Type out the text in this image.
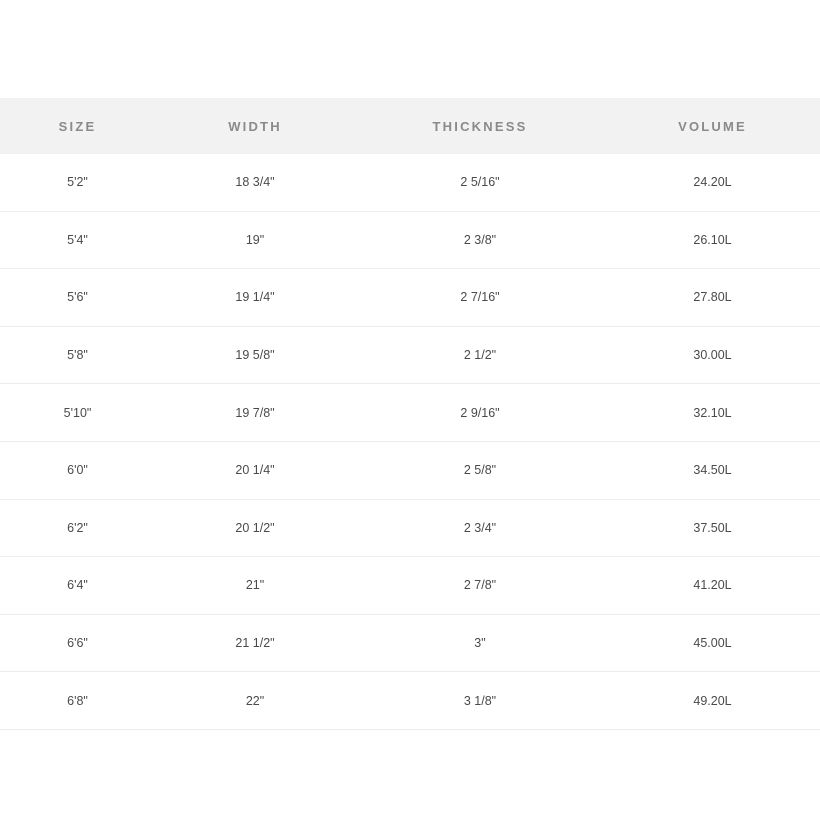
SIZE	WIDTH	THICKNESS	VOLUME
5'2"	18 3/4"	2 5/16"	24.20L
5'4"	19"	2 3/8"	26.10L
5'6"	19 1/4"	2 7/16"	27.80L
5'8"	19 5/8"	2 1/2"	30.00L
5'10"	19 7/8"	2 9/16"	32.10L
6'0"	20 1/4"	2 5/8"	34.50L
6'2"	20 1/2"	2 3/4"	37.50L
6'4"	21"	2 7/8"	41.20L
6'6"	21 1/2"	3"	45.00L
6'8"	22"	3 1/8"	49.20L
